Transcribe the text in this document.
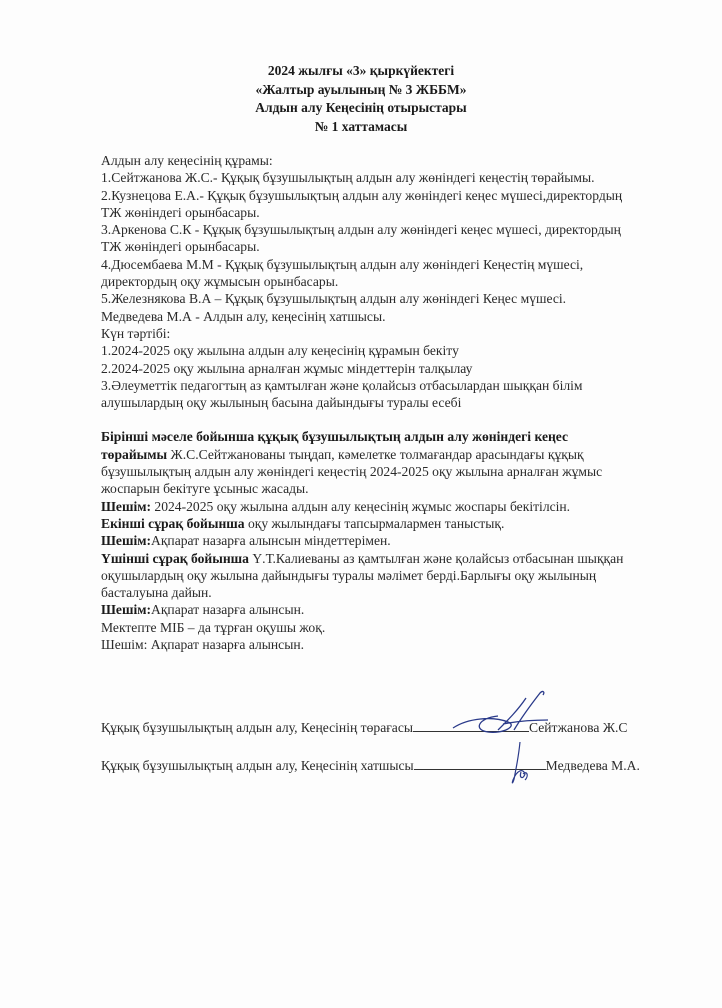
2024 жылғы «3» қыркүйектегі
«Жалтыр ауылының № 3 ЖББМ»
Алдын алу Кеңесінің отырыстары
№ 1 хаттамасы
Алдын алу кеңесінің құрамы:
1.Сейтжанова Ж.С.- Құқық бұзушылықтың алдын алу жөніндегі кеңестің төрайымы.
2.Кузнецова Е.А.- Құқық бұзушылықтың алдын алу жөніндегі кеңес мүшесі,директордың
ТЖ жөніндегі орынбасары.
3.Аркенова С.К - Құқық бұзушылықтың алдын алу жөніндегі кеңес мүшесі, директордың
ТЖ жөніндегі орынбасары.
4.Дюсембаева М.М - Құқық бұзушылықтың алдын алу жөніндегі Кеңестің мүшесі,
директордың оқу жұмысын орынбасары.
5.Железнякова В.А – Құқық бұзушылықтың алдын алу жөніндегі Кеңес мүшесі.
Медведева М.А - Алдын алу, кеңесінің хатшысы.
Күн тәртібі:
1.2024-2025 оқу жылына алдын алу кеңесінің құрамын бекіту
2.2024-2025 оқу жылына арналған жұмыс міндеттерін талқылау
3.Әлеуметтік педагогтың аз қамтылған және қолайсыз отбасылардан шыққан білім
алушылардың оқу жылының басына дайындығы туралы есебі
Бірінші мәселе бойынша құқық бұзушылықтың алдын алу жөніндегі кеңес
төрайымы Ж.С.Сейтжанованы тыңдап, кәмелетке толмағандар арасындағы құқық
бұзушылықтың алдын алу жөніндегі кеңестің 2024-2025 оқу жылына арналған жұмыс
жоспарын бекітуге ұсыныс жасады.
Шешім: 2024-2025 оқу жылына алдын алу кеңесінің жұмыс жоспары бекітілсін.
Екінші сұрақ бойынша оқу жылындағы тапсырмалармен таныстық.
Шешім:Ақпарат назарға алынсын міндеттерімен.
Үшінші сұрақ бойынша Ү.Т.Калиеваны аз қамтылған және қолайсыз отбасынан шыққан
оқушылардың оқу жылына дайындығы туралы мәлімет берді.Барлығы оқу жылының
басталуына дайын.
Шешім:Ақпарат назарға алынсын.
Мектепте МІБ – да тұрған оқушы жоқ.
Шешім: Ақпарат назарға алынсын.
Құқық бұзушылықтың алдын алу, Кеңесінің төрағасы	Сейтжанова Ж.С
Құқық бұзушылықтың алдын алу, Кеңесінің хатшысы	Медведева М.А.
